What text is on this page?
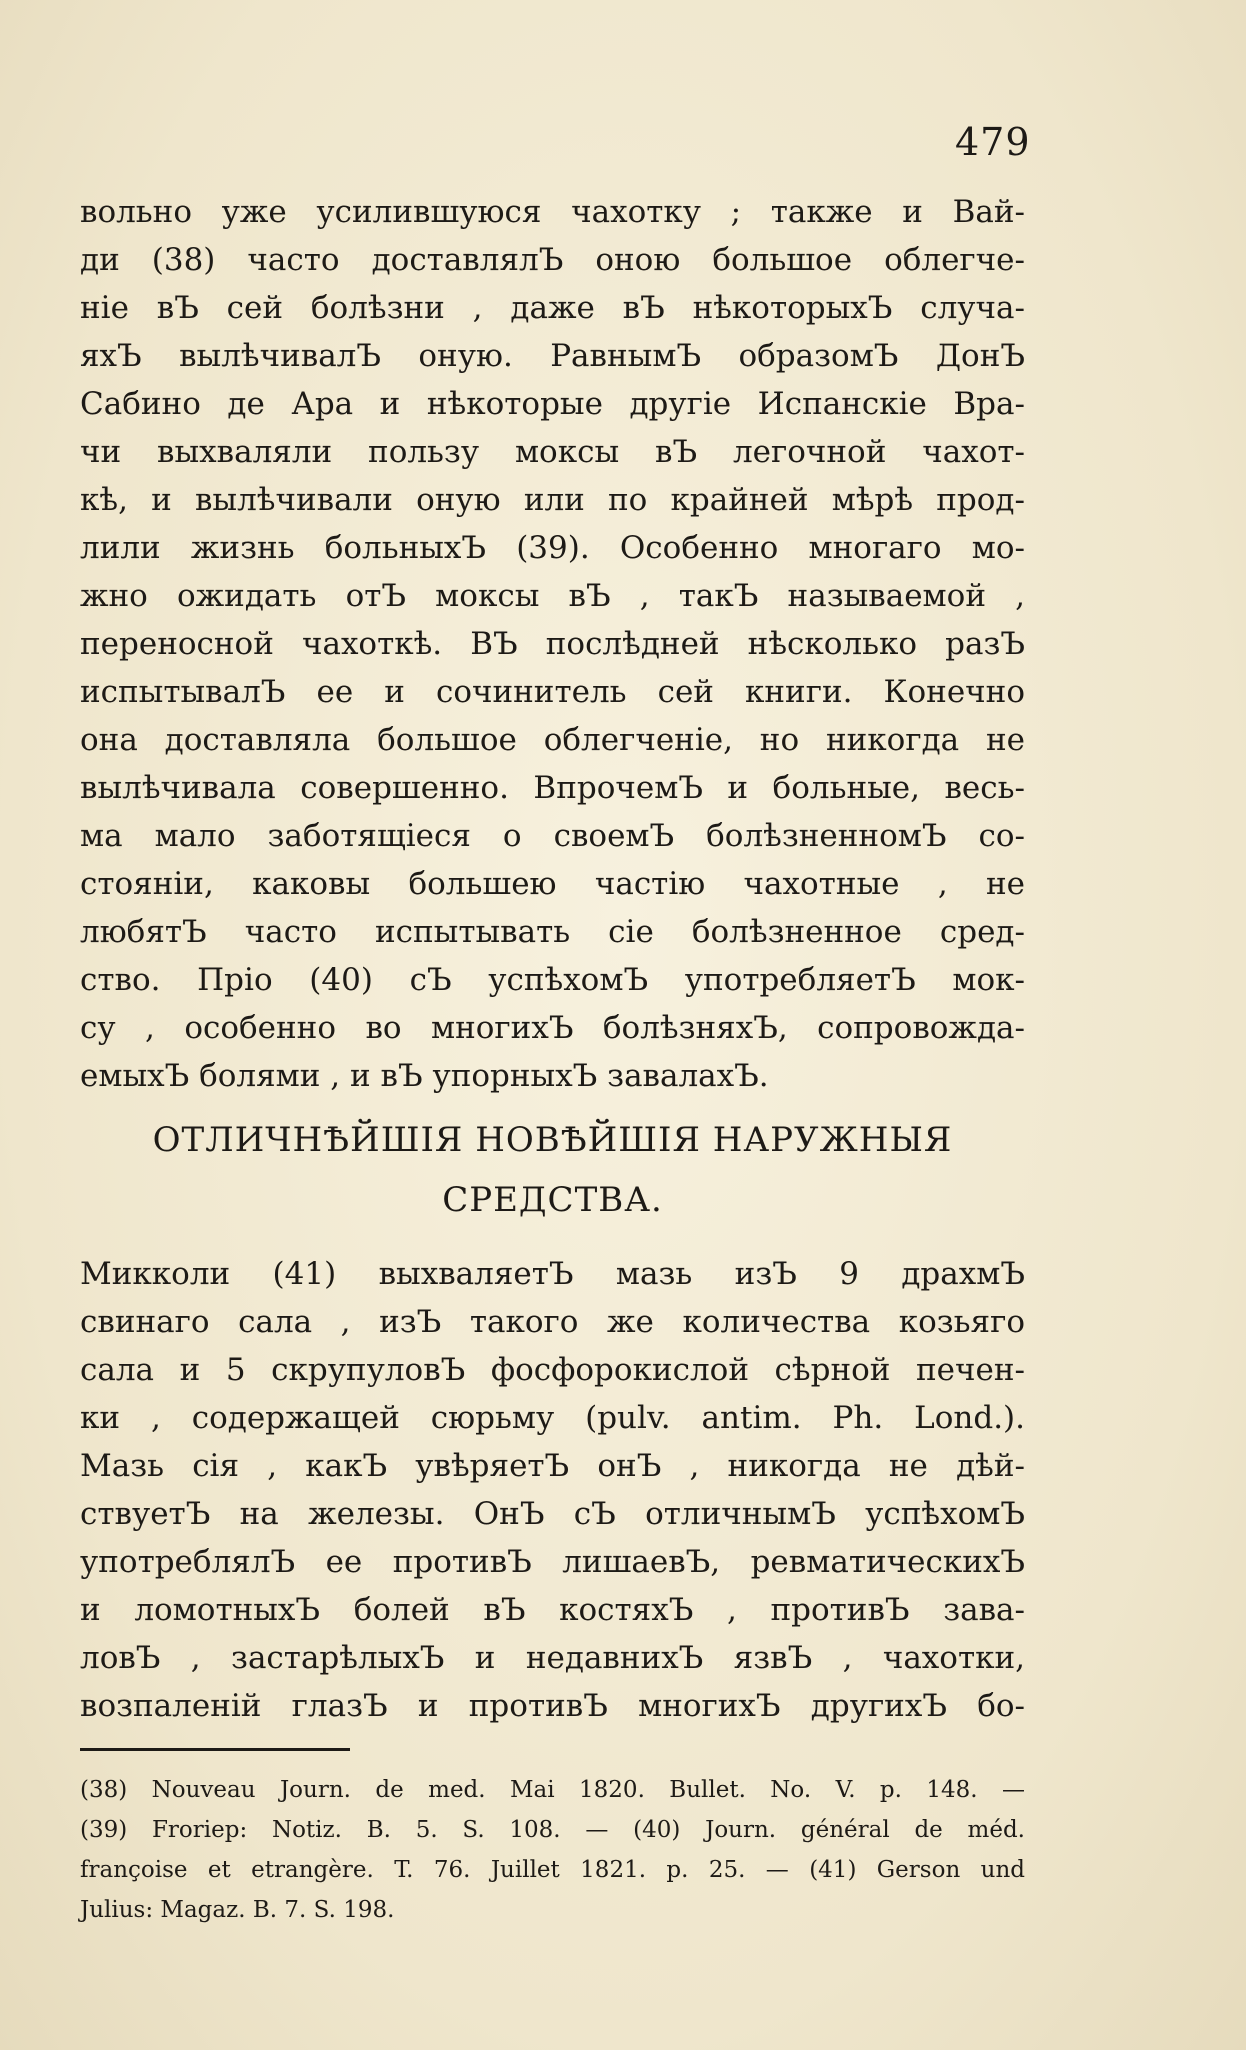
479
вольно уже усилившуюся чахотку ; также и Вай-
ди (38) часто доставлялЪ оною большое облегче-
ніе вЪ сей болѣзни , даже вЪ нѣкоторыхЪ случа-
яхЪ вылѣчивалЪ оную. РавнымЪ образомЪ ДонЪ
Сабино де Ара и нѣкоторые другіе Испанскіе Вра-
чи выхваляли пользу моксы вЪ легочной чахот-
кѣ, и вылѣчивали оную или по крайней мѣрѣ прод-
лили жизнь больныхЪ (39). Особенно многаго мо-
жно ожидать отЪ моксы вЪ , такЪ называемой ,
переносной чахоткѣ. ВЪ послѣдней нѣсколько разЪ
испытывалЪ ее и сочинитель сей книги. Конечно
она доставляла большое облегченіе, но никогда не
вылѣчивала совершенно. ВпрочемЪ и больные, весь-
ма мало заботящіеся о своемЪ болѣзненномЪ со-
стояніи, каковы большею частію чахотные , не
любятЪ часто испытывать сіе болѣзненное сред-
ство. Пріо (40) сЪ успѣхомЪ употребляетЪ мок-
су , особенно во многихЪ болѣзняхЪ, сопровожда-
емыхЪ болями , и вЪ упорныхЪ завалахЪ.
ОТЛИЧНѢЙШІЯ НОВѢЙШІЯ НАРУЖНЫЯ
СРЕДСТВА.
Микколи (41) выхваляетЪ мазь изЪ 9 драхмЪ
свинаго сала , изЪ такого же количества козьяго
сала и 5 скрупуловЪ фосфорокислой сѣрной печен-
ки , содержащей сюрьму (pulv. antim. Ph. Lond.).
Мазь сія , какЪ увѣряетЪ онЪ , никогда не дѣй-
ствуетЪ на железы. ОнЪ сЪ отличнымЪ успѣхомЪ
употреблялЪ ее противЪ лишаевЪ, ревматическихЪ
и ломотныхЪ болей вЪ костяхЪ , противЪ зава-
ловЪ , застарѣлыхЪ и недавнихЪ язвЪ , чахотки,
возпаленій глазЪ и противЪ многихЪ другихЪ бо-
(38) Nouveau Journ. de med. Mai 1820. Bullet. No. V. p. 148. —
(39) Froriep: Notiz. B. 5. S. 108. — (40) Journ. général de méd.
françoise et etrangère. T. 76. Juillet 1821. p. 25. — (41) Gerson und
Julius: Magaz. B. 7. S. 198.
